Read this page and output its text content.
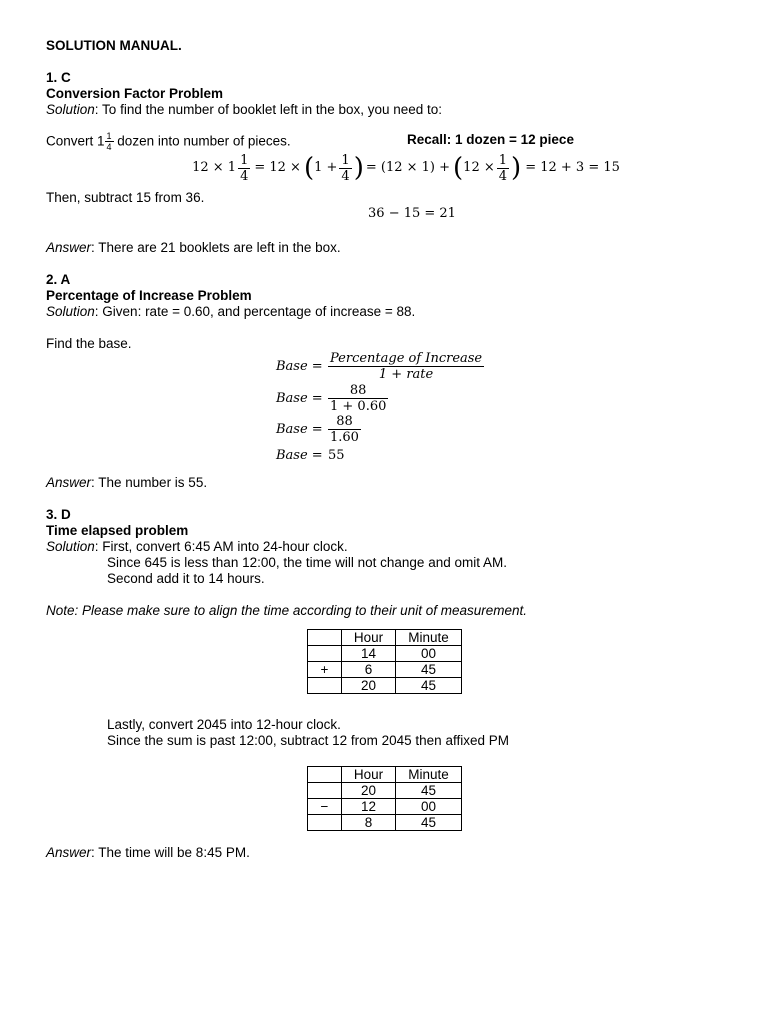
SOLUTION MANUAL.
1. C
Conversion Factor Problem
Solution: To find the number of booklet left in the box, you need to:
Convert $1 \frac{1}{4}$ dozen into number of pieces.	Recall: 1 dozen = 12 piece
$12 \times 1 \frac{1}{4} = 12$ × ( $1 + \frac{1}{4}$ ) = (12 × 1) + ( $12 \times \frac{1}{4}$ ) = 12 + 3 = 15
Then, subtract 15 from 36.
36 − 15 = 21
Answer: There are 21 booklets are left in the box.
2. A
Percentage of Increase Problem
Solution: Given: rate = 0.60, and percentage of increase = 88.
Find the base.
Base = $\frac{\text{Percentage of Increase}}{\text{1 + rate}}$
Base = $\frac{88}{1 + 0.60}$
Base = $\frac{88}{1.60}$
Base = 55
Answer: The number is 55.
3. D
Time elapsed problem
Solution: First, convert 6:45 AM into 24-hour clock.
Since 645 is less than 12:00, the time will not change and omit AM.
Second add it to 14 hours.
Note: Please make sure to align the time according to their unit of measurement.
	Hour	Minute
	14	00
+	6	45
	20	45
Lastly, convert 2045 into 12-hour clock.
Since the sum is past 12:00, subtract 12 from 2045 then affixed PM
	Hour	Minute
	20	45
−	12	00
	8	45
Answer: The time will be 8:45 PM.
